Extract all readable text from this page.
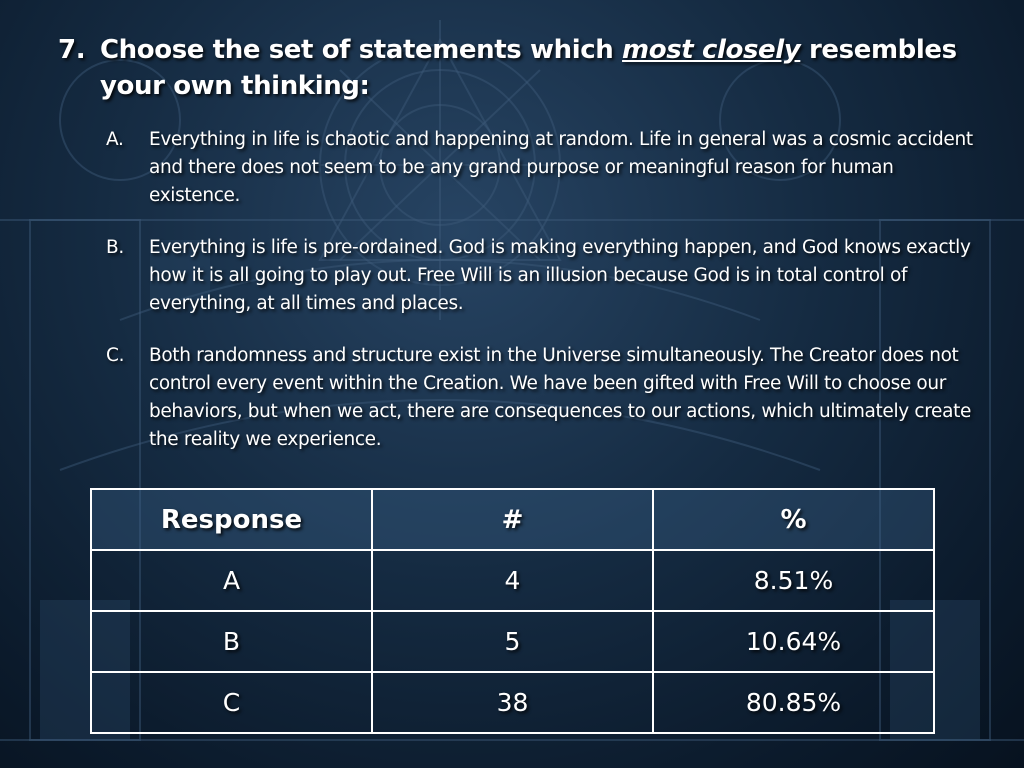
7. Choose the set of statements which most closely resembles your own thinking:
A. Everything in life is chaotic and happening at random. Life in general was a cosmic accident and there does not seem to be any grand purpose or meaningful reason for human existence.
B. Everything is life is pre-ordained. God is making everything happen, and God knows exactly how it is all going to play out. Free Will is an illusion because God is in total control of everything, at all times and places.
C. Both randomness and structure exist in the Universe simultaneously. The Creator does not control every event within the Creation. We have been gifted with Free Will to choose our behaviors, but when we act, there are consequences to our actions, which ultimately create the reality we experience.
Response	#	%
A	4	8.51%
B	5	10.64%
C	38	80.85%
